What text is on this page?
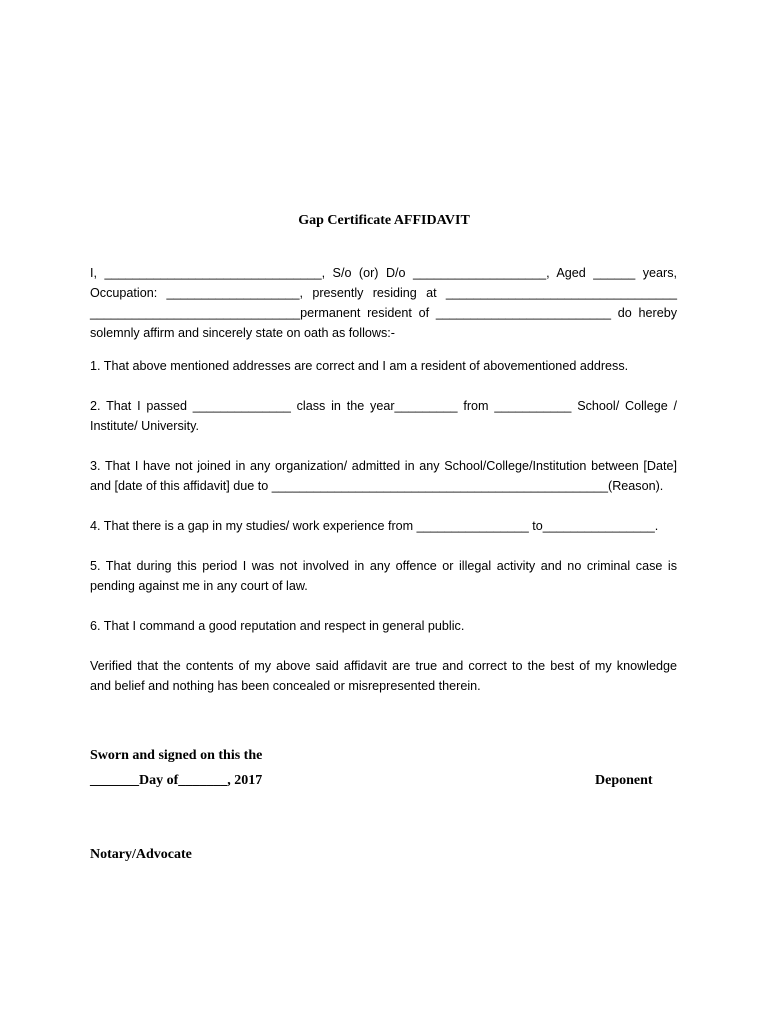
Gap Certificate AFFIDAVIT
I, _______________________________, S/o (or) D/o ___________________, Aged ______ years,
Occupation: ___________________, presently residing at _________________________________
______________________________permanent resident of _________________________ do hereby
solemnly affirm and sincerely state on oath as follows:-
1. That above mentioned addresses are correct and I am a resident of abovementioned address.
2. That I passed ______________ class in the year_________ from ___________ School/ College /
Institute/ University.
3. That I have not joined in any organization/ admitted in any School/College/Institution between [Date]
and [date of this affidavit] due to ________________________________________________(Reason).
4. That there is a gap in my studies/ work experience from ________________ to________________.
5. That during this period I was not involved in any offence or illegal activity and no criminal case is
pending against me in any court of law.
6. That I command a good reputation and respect in general public.
Verified that the contents of my above said affidavit are true and correct to the best of my knowledge
and belief and nothing has been concealed or misrepresented therein.
Sworn and signed on this the
_______Day of_______, 2017	Deponent
Notary/Advocate
